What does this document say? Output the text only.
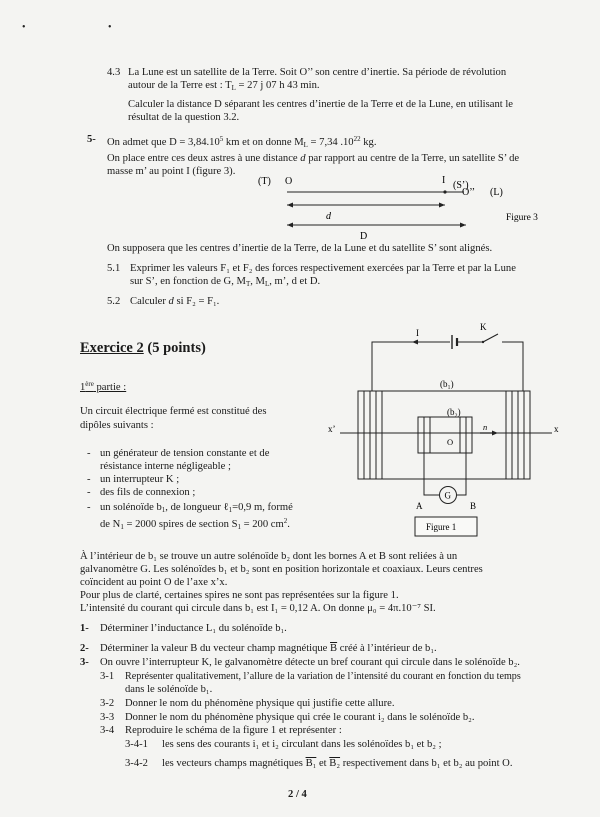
• •
4.3 La Lune est un satellite de la Terre. Soit O’’ son centre d’inertie. Sa période de révolution
autour de la Terre est : $T_L = 27$ j 07 h 43 min.
Calculer la distance D séparant les centres d’inertie de la Terre et de la Lune, en utilisant le
résultat de la question 3.2.
5- On admet que $D = 3,84.10^5$ km et on donne $M_L = 7,34$ $.10^{22}$ kg.
On place entre ces deux astres à une distance d par rapport au centre de la Terre, un satellite S’ de
masse m’ au point I (figure 3).
(T) O	I (S’)
O’’ (L)
d
D
Figure 3
On supposera que les centres d’inertie de la Terre, de la Lune et du satellite S’ sont alignés.
5.1 Exprimer les valeurs F₁ et F₂ des forces respectivement exercées par la Terre et par la Lune
sur S’, en fonction de G, $M_T$, $M_L$, m’, d et D.
5.2 Calculer d si F₂ = F₁.
Exercice 2 (5 points)
1ère partie :
Un circuit électrique fermé est constitué des
dipôles suivants :
- un générateur de tension constante et de
résistance interne négligeable ;
- un interrupteur K ;
- des fils de connexion ;
- un solénoïde $b_1$, de longueur ℓ$_1$=0,9 m, formé
de $N_1 = 2000$ spires de section $S_1 = 200$ $cm^2$.
I
K
(b₁)
(b₂)
x’	x
O
n
G
A	B
Figure 1
À l’intérieur de b₁ se trouve un autre solénoïde b₂ dont les bornes A et B sont reliées à un
galvanomètre G. Les solénoïdes b₁ et b₂ sont en position horizontale et coaxiaux. Leurs centres
coïncident au point O de l’axe x’x.
Pour plus de clarté, certaines spires ne sont pas représentées sur la figure 1.
L’intensité du courant qui circule dans b₁ est I₁ = 0,12 A. On donne μ₀ = 4π.10⁻⁷ SI.
1- Déterminer l’inductance L₁ du solénoïde b₁.
2- Déterminer la valeur B du vecteur champ magnétique $\overline{B}$ créé à l’intérieur de b₁.
3- On ouvre l’interrupteur K, le galvanomètre détecte un bref courant qui circule dans le solénoïde b₂.
3-1 Représenter qualitativement, l’allure de la variation de l’intensité du courant en fonction du temps
dans le solénoïde b₁.
3-2 Donner le nom du phénomène physique qui justifie cette allure.
3-3 Donner le nom du phénomène physique qui crée le courant i₂ dans le solénoïde b₂.
3-4 Reproduire le schéma de la figure 1 et représenter :
3-4-1 les sens des courants i₁ et i₂ circulant dans les solénoïdes b₁ et b₂ ;
3-4-2 les vecteurs champs magnétiques B₁ et B₂ respectivement dans b₁ et b₂ au point O.
2 / 4
